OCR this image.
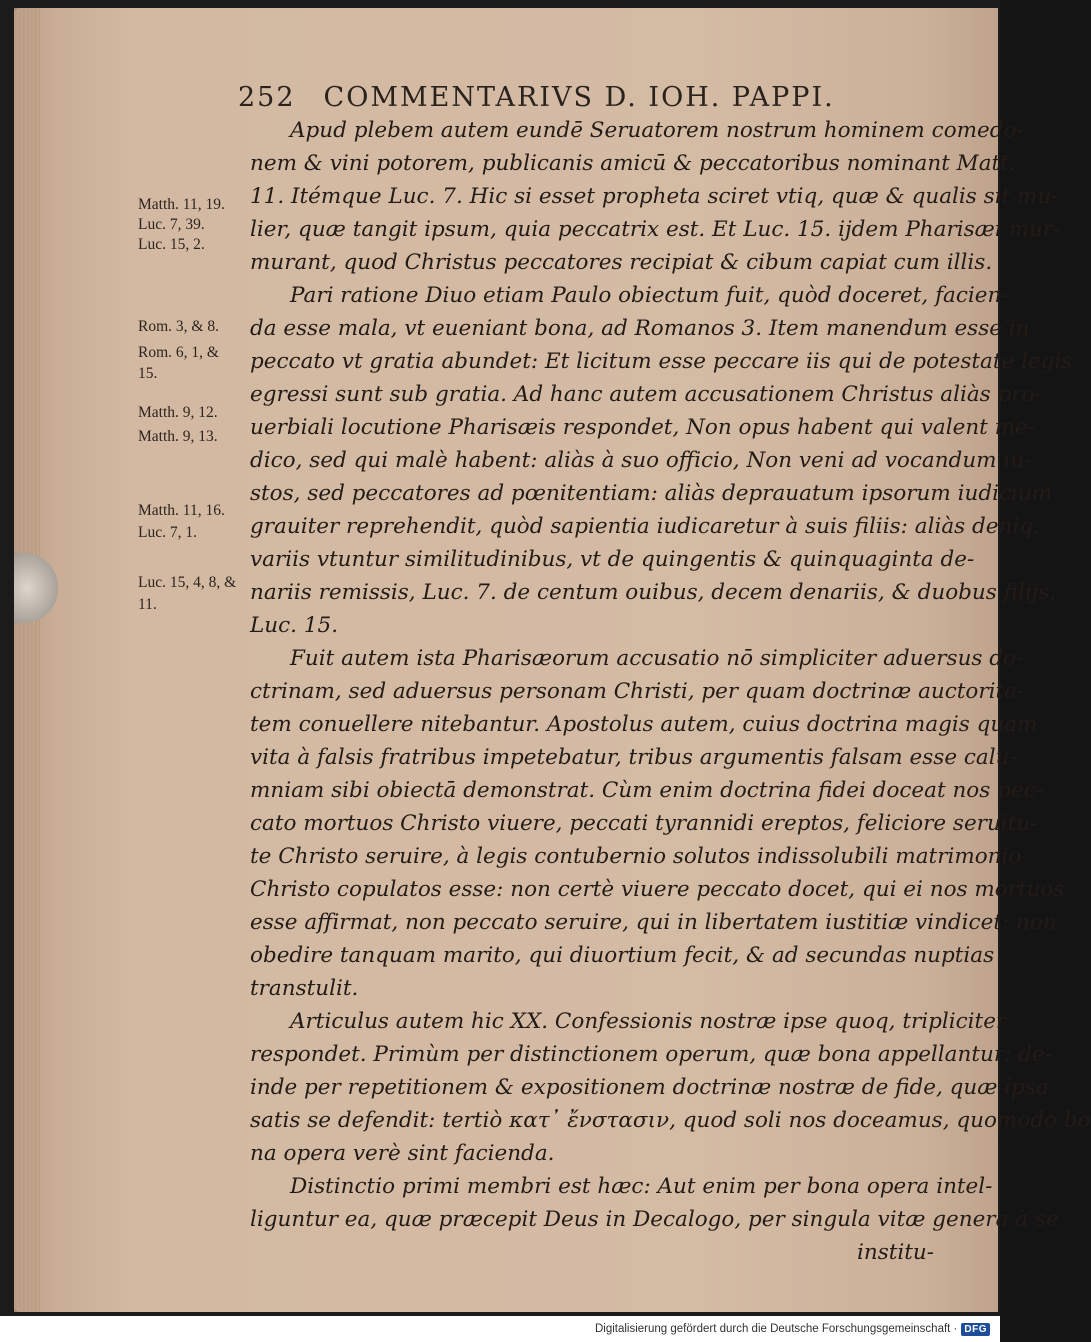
252 COMMENTARIVS D. IOH. PAPPI.
Apud plebem autem eundē Seruatorem nostrum hominem comedo-
nem & vini potorem, publicanis amicū & peccatoribus nominant Matt.
11. Itémque Luc. 7. Hic si esset propheta sciret vtiq, quæ & qualis sit mu-
lier, quæ tangit ipsum, quia peccatrix est. Et Luc. 15. ijdem Pharisæi mur-
murant, quod Christus peccatores recipiat & cibum capiat cum illis.
Pari ratione Diuo etiam Paulo obiectum fuit, quòd doceret, facien-
da esse mala, vt eueniant bona, ad Romanos 3. Item manendum esse in
peccato vt gratia abundet: Et licitum esse peccare iis qui de potestate legis
egressi sunt sub gratia. Ad hanc autem accusationem Christus aliàs pro-
uerbiali locutione Pharisæis respondet, Non opus habent qui valent me-
dico, sed qui malè habent: aliàs à suo officio, Non veni ad vocandum iu-
stos, sed peccatores ad pœnitentiam: aliàs deprauatum ipsorum iudicium
grauiter reprehendit, quòd sapientia iudicaretur à suis filiis: aliàs deniq,
variis vtuntur similitudinibus, vt de quingentis & quinquaginta de-
nariis remissis, Luc. 7. de centum ouibus, decem denariis, & duobus filijs,
Luc. 15.
Fuit autem ista Pharisæorum accusatio nō simpliciter aduersus do-
ctrinam, sed aduersus personam Christi, per quam doctrinæ auctorita-
tem conuellere nitebantur. Apostolus autem, cuius doctrina magis quam
vita à falsis fratribus impetebatur, tribus argumentis falsam esse calu-
mniam sibi obiectā demonstrat. Cùm enim doctrina fidei doceat nos pec-
cato mortuos Christo viuere, peccati tyrannidi ereptos, feliciore seruitu-
te Christo seruire, à legis contubernio solutos indissolubili matrimonio
Christo copulatos esse: non certè viuere peccato docet, qui ei nos mortuos
esse affirmat, non peccato seruire, qui in libertatem iustitiæ vindicet: non
obedire tanquam marito, qui diuortium fecit, & ad secundas nuptias
transtulit.
Articulus autem hic XX. Confessionis nostræ ipse quoq, tripliciter
respondet. Primùm per distinctionem operum, quæ bona appellantur: de-
inde per repetitionem & expositionem doctrinæ nostræ de fide, quæ ipsa
satis se defendit: tertiò κατ᾽ ἔνστασιν, quod soli nos doceamus, quomodo bo
na opera verè sint facienda.
Distinctio primi membri est hæc: Aut enim per bona opera intel-
liguntur ea, quæ præcepit Deus in Decalogo, per singula vitæ genera à se
institu-
Matth. 11, 19.
Luc. 7, 39.
Luc. 15, 2.
Rom. 3, & 8.
Rom. 6, 1, &
15.
Matth. 9, 12.
Matth. 9, 13.
Matth. 11, 16.
Luc. 7, 1.
Luc. 15, 4, 8, &
11.
Digitalisierung gefördert durch die Deutsche Forschungsgemeinschaft · DFG
